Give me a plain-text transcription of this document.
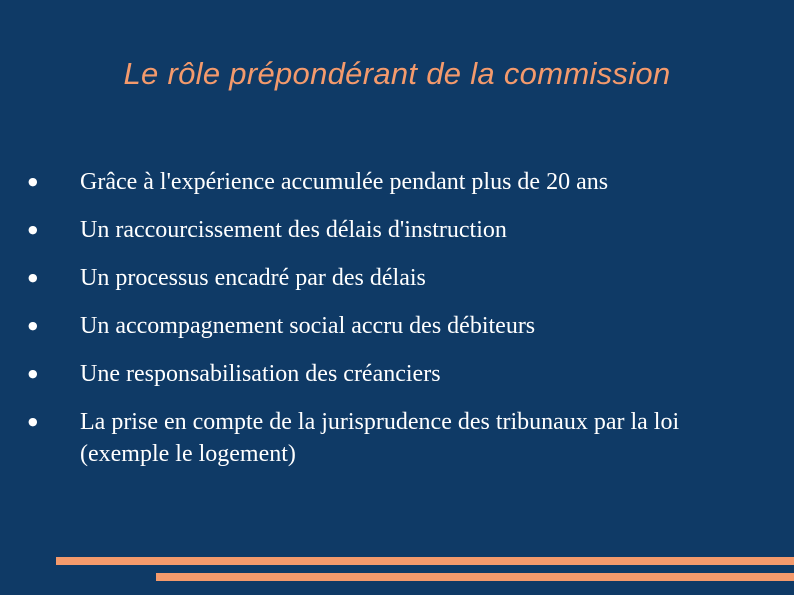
Le rôle prépondérant de la commission
●	Grâce à l'expérience accumulée pendant plus de 20 ans
●	Un raccourcissement des délais d'instruction
●	Un processus encadré par des délais
●	Un accompagnement social accru des débiteurs
●	Une responsabilisation des créanciers
●	La prise en compte de la jurisprudence des tribunaux par la loi (exemple le logement)
